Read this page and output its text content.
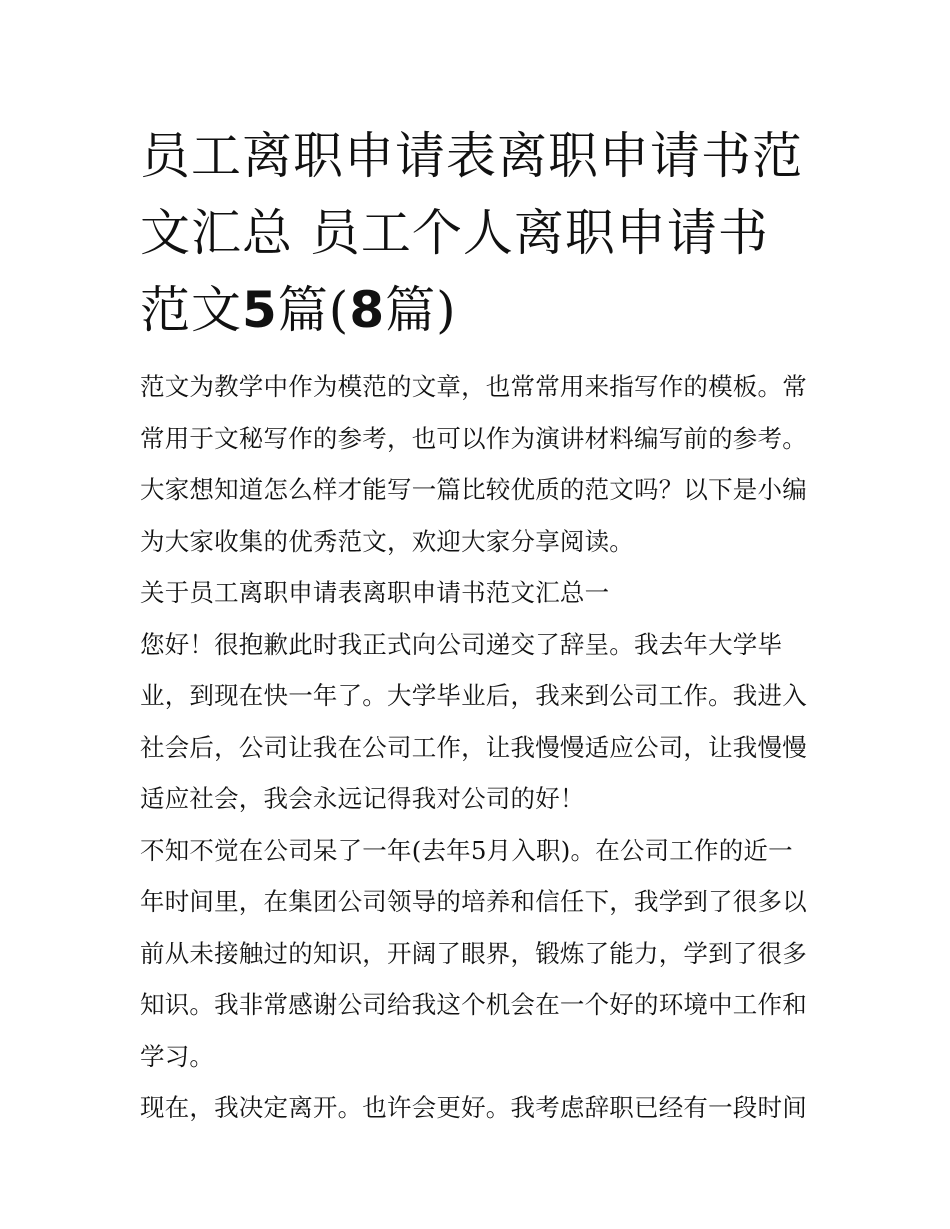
员工离职申请表离职申请书范文汇总 员工个人离职申请书范文5篇(8篇)

范文为教学中作为模范的文章，也常常用来指写作的模板。常常用于文秘写作的参考，也可以作为演讲材料编写前的参考。大家想知道怎么样才能写一篇比较优质的范文吗？以下是小编为大家收集的优秀范文，欢迎大家分享阅读。

关于员工离职申请表离职申请书范文汇总一

您好！很抱歉此时我正式向公司递交了辞呈。我去年大学毕业，到现在快一年了。大学毕业后，我来到公司工作。我进入社会后，公司让我在公司工作，让我慢慢适应公司，让我慢慢适应社会，我会永远记得我对公司的好！

不知不觉在公司呆了一年(去年5月入职)。在公司工作的近一年时间里，在集团公司领导的培养和信任下，我学到了很多以前从未接触过的知识，开阔了眼界，锻炼了能力，学到了很多知识。我非常感谢公司给我这个机会在一个好的环境中工作和学习。

现在，我决定离开。也许会更好。我考虑辞职已经有一段时间
